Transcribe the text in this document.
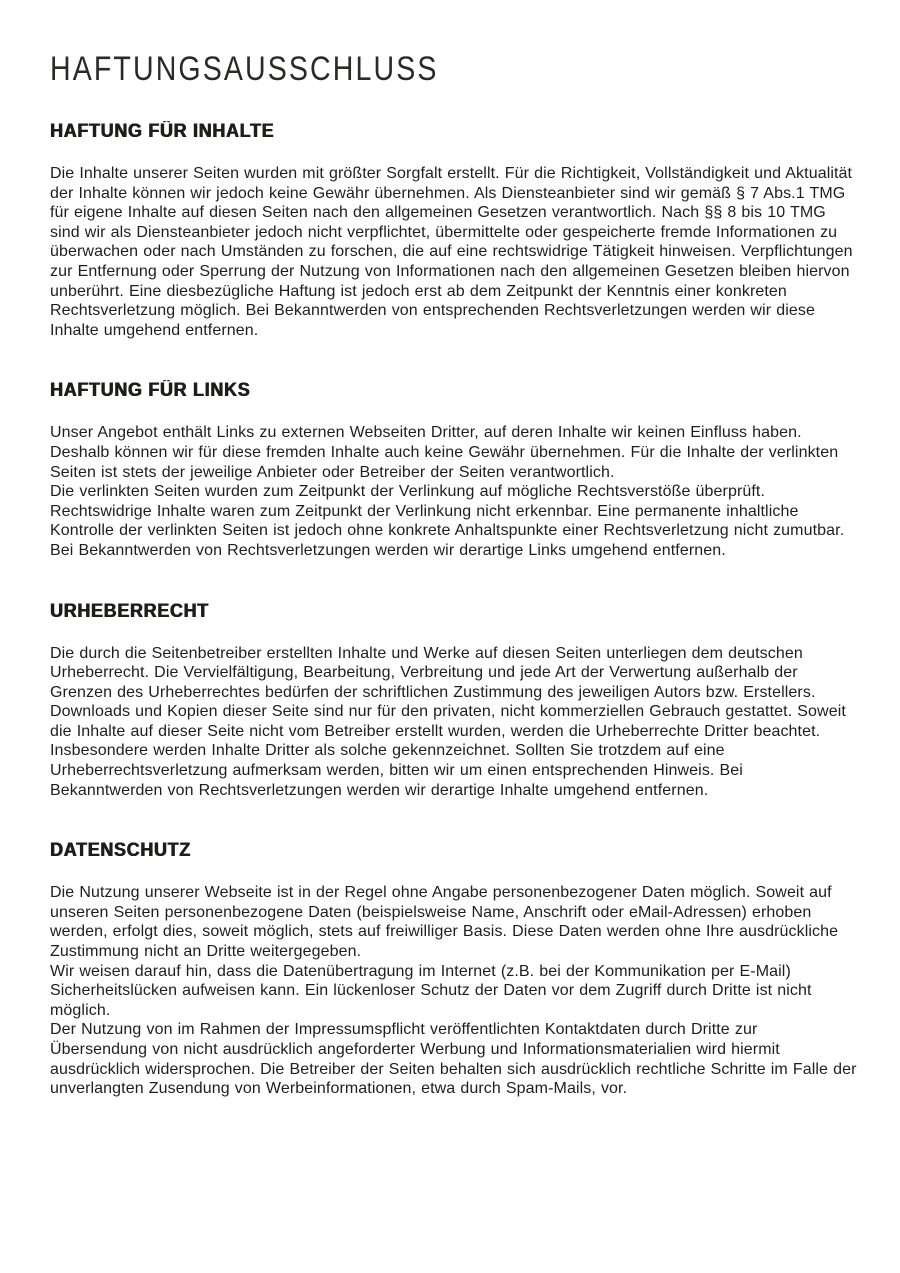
HAFTUNGSAUSSCHLUSS
HAFTUNG FÜR INHALTE

Die Inhalte unserer Seiten wurden mit größter Sorgfalt erstellt. Für die Richtigkeit, Vollständigkeit und Aktualität der Inhalte können wir jedoch keine Gewähr übernehmen. Als Diensteanbieter sind wir gemäß § 7 Abs.1 TMG für eigene Inhalte auf diesen Seiten nach den allgemeinen Gesetzen verantwortlich. Nach §§ 8 bis 10 TMG sind wir als Diensteanbieter jedoch nicht verpflichtet, übermittelte oder gespeicherte fremde Informationen zu überwachen oder nach Umständen zu forschen, die auf eine rechtswidrige Tätigkeit hinweisen. Verpflichtungen zur Entfernung oder Sperrung der Nutzung von Informationen nach den allgemeinen Gesetzen bleiben hiervon unberührt. Eine diesbezügliche Haftung ist jedoch erst ab dem Zeitpunkt der Kenntnis einer konkreten Rechtsverletzung möglich. Bei Bekanntwerden von entsprechenden Rechtsverletzungen werden wir diese Inhalte umgehend entfernen.

HAFTUNG FÜR LINKS

Unser Angebot enthält Links zu externen Webseiten Dritter, auf deren Inhalte wir keinen Einfluss haben. Deshalb können wir für diese fremden Inhalte auch keine Gewähr übernehmen. Für die Inhalte der verlinkten Seiten ist stets der jeweilige Anbieter oder Betreiber der Seiten verantwortlich.

Die verlinkten Seiten wurden zum Zeitpunkt der Verlinkung auf mögliche Rechtsverstöße überprüft. Rechtswidrige Inhalte waren zum Zeitpunkt der Verlinkung nicht erkennbar. Eine permanente inhaltliche Kontrolle der verlinkten Seiten ist jedoch ohne konkrete Anhaltspunkte einer Rechtsverletzung nicht zumutbar. Bei Bekanntwerden von Rechtsverletzungen werden wir derartige Links umgehend entfernen.

URHEBERRECHT

Die durch die Seitenbetreiber erstellten Inhalte und Werke auf diesen Seiten unterliegen dem deutschen Urheberrecht. Die Vervielfältigung, Bearbeitung, Verbreitung und jede Art der Verwertung außerhalb der Grenzen des Urheberrechtes bedürfen der schriftlichen Zustimmung des jeweiligen Autors bzw. Erstellers. Downloads und Kopien dieser Seite sind nur für den privaten, nicht kommerziellen Gebrauch gestattet. Soweit die Inhalte auf dieser Seite nicht vom Betreiber erstellt wurden, werden die Urheberrechte Dritter beachtet. Insbesondere werden Inhalte Dritter als solche gekennzeichnet. Sollten Sie trotzdem auf eine Urheberrechtsverletzung aufmerksam werden, bitten wir um einen entsprechenden Hinweis. Bei Bekanntwerden von Rechtsverletzungen werden wir derartige Inhalte umgehend entfernen.

DATENSCHUTZ

Die Nutzung unserer Webseite ist in der Regel ohne Angabe personenbezogener Daten möglich. Soweit auf unseren Seiten personenbezogene Daten (beispielsweise Name, Anschrift oder eMail-Adressen) erhoben werden, erfolgt dies, soweit möglich, stets auf freiwilliger Basis. Diese Daten werden ohne Ihre ausdrückliche Zustimmung nicht an Dritte weitergegeben.

Wir weisen darauf hin, dass die Datenübertragung im Internet (z.B. bei der Kommunikation per E-Mail) Sicherheitslücken aufweisen kann. Ein lückenloser Schutz der Daten vor dem Zugriff durch Dritte ist nicht möglich.

Der Nutzung von im Rahmen der Impressumspflicht veröffentlichten Kontaktdaten durch Dritte zur Übersendung von nicht ausdrücklich angeforderter Werbung und Informationsmaterialien wird hiermit ausdrücklich widersprochen. Die Betreiber der Seiten behalten sich ausdrücklich rechtliche Schritte im Falle der unverlangten Zusendung von Werbeinformationen, etwa durch Spam-Mails, vor.
